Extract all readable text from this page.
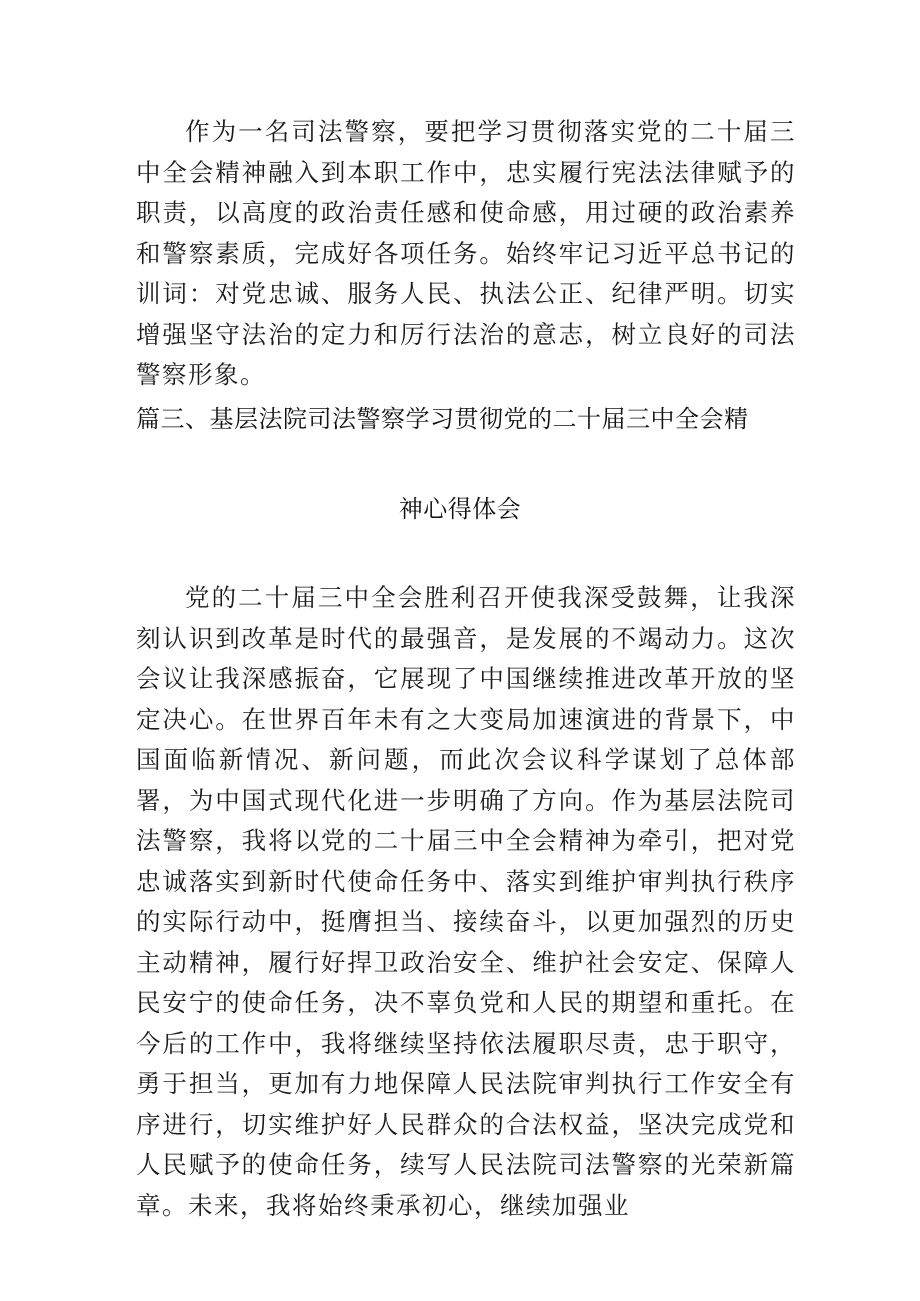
作为一名司法警察，要把学习贯彻落实党的二十届三中全会精神融入到本职工作中，忠实履行宪法法律赋予的职责，以高度的政治责任感和使命感，用过硬的政治素养和警察素质，完成好各项任务。始终牢记习近平总书记的训词：对党忠诚、服务人民、执法公正、纪律严明。切实增强坚守法治的定力和厉行法治的意志，树立良好的司法警察形象。

篇三、基层法院司法警察学习贯彻党的二十届三中全会精
神心得体会

党的二十届三中全会胜利召开使我深受鼓舞，让我深刻认识到改革是时代的最强音，是发展的不竭动力。这次会议让我深感振奋，它展现了中国继续推进改革开放的坚定决心。在世界百年未有之大变局加速演进的背景下，中国面临新情况、新问题，而此次会议科学谋划了总体部署，为中国式现代化进一步明确了方向。作为基层法院司法警察，我将以党的二十届三中全会精神为牵引，把对党忠诚落实到新时代使命任务中、落实到维护审判执行秩序的实际行动中，挺膺担当、接续奋斗，以更加强烈的历史主动精神，履行好捍卫政治安全、维护社会安定、保障人民安宁的使命任务，决不辜负党和人民的期望和重托。在今后的工作中，我将继续坚持依法履职尽责，忠于职守，勇于担当，更加有力地保障人民法院审判执行工作安全有序进行，切实维护好人民群众的合法权益，坚决完成党和人民赋予的使命任务，续写人民法院司法警察的光荣新篇章。未来，我将始终秉承初心，继续加强业
